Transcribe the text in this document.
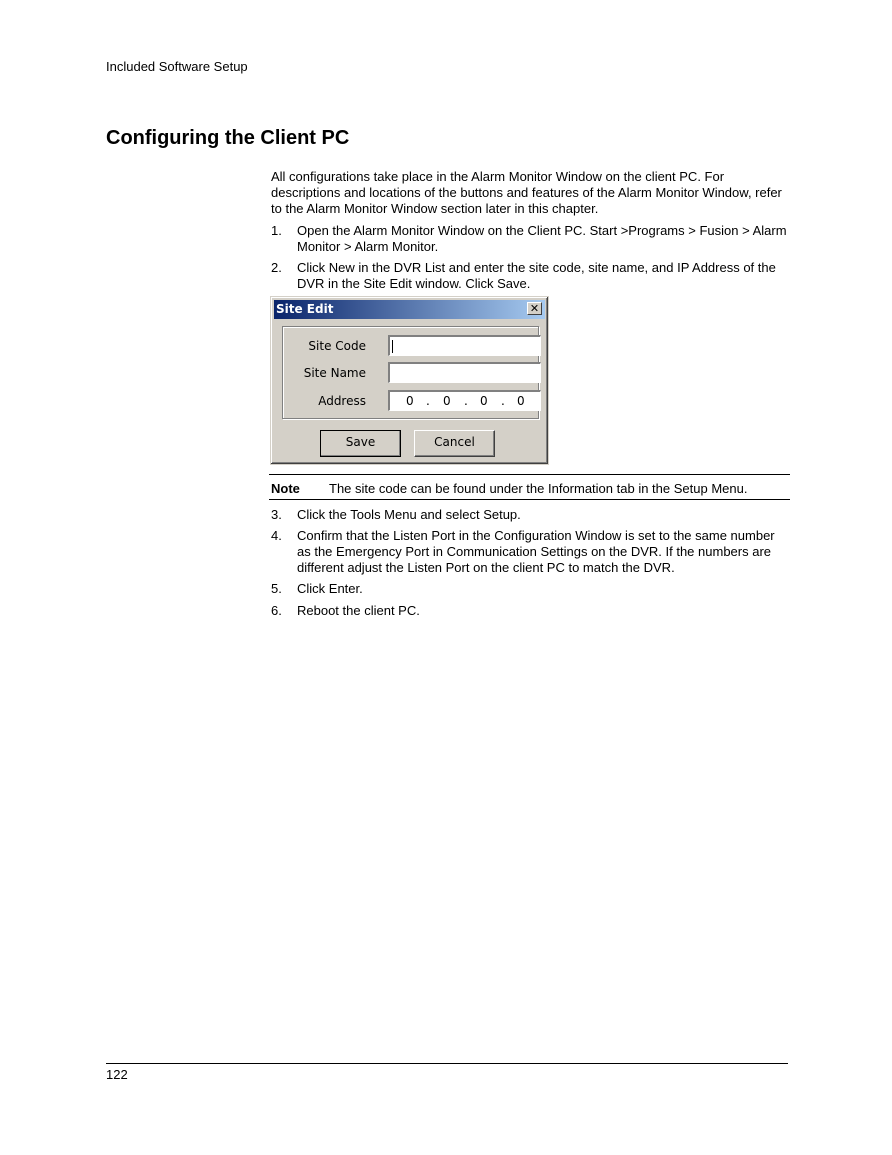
Included Software Setup
Configuring the Client PC
All configurations take place in the Alarm Monitor Window on the client PC. For descriptions and locations of the buttons and features of the Alarm Monitor Window, refer to the Alarm Monitor Window section later in this chapter.
1. Open the Alarm Monitor Window on the Client PC. Start >Programs > Fusion > Alarm Monitor > Alarm Monitor.
2. Click New in the DVR List and enter the site code, site name, and IP Address of the DVR in the Site Edit window. Click Save.
Site Edit	✕
Site Code
Site Name
Address	0 . 0 . 0 . 0
Save	Cancel
Note The site code can be found under the Information tab in the Setup Menu.
3. Click the Tools Menu and select Setup.
4. Confirm that the Listen Port in the Configuration Window is set to the same number as the Emergency Port in Communication Settings on the DVR. If the numbers are different adjust the Listen Port on the client PC to match the DVR.
5. Click Enter.
6. Reboot the client PC.
122
